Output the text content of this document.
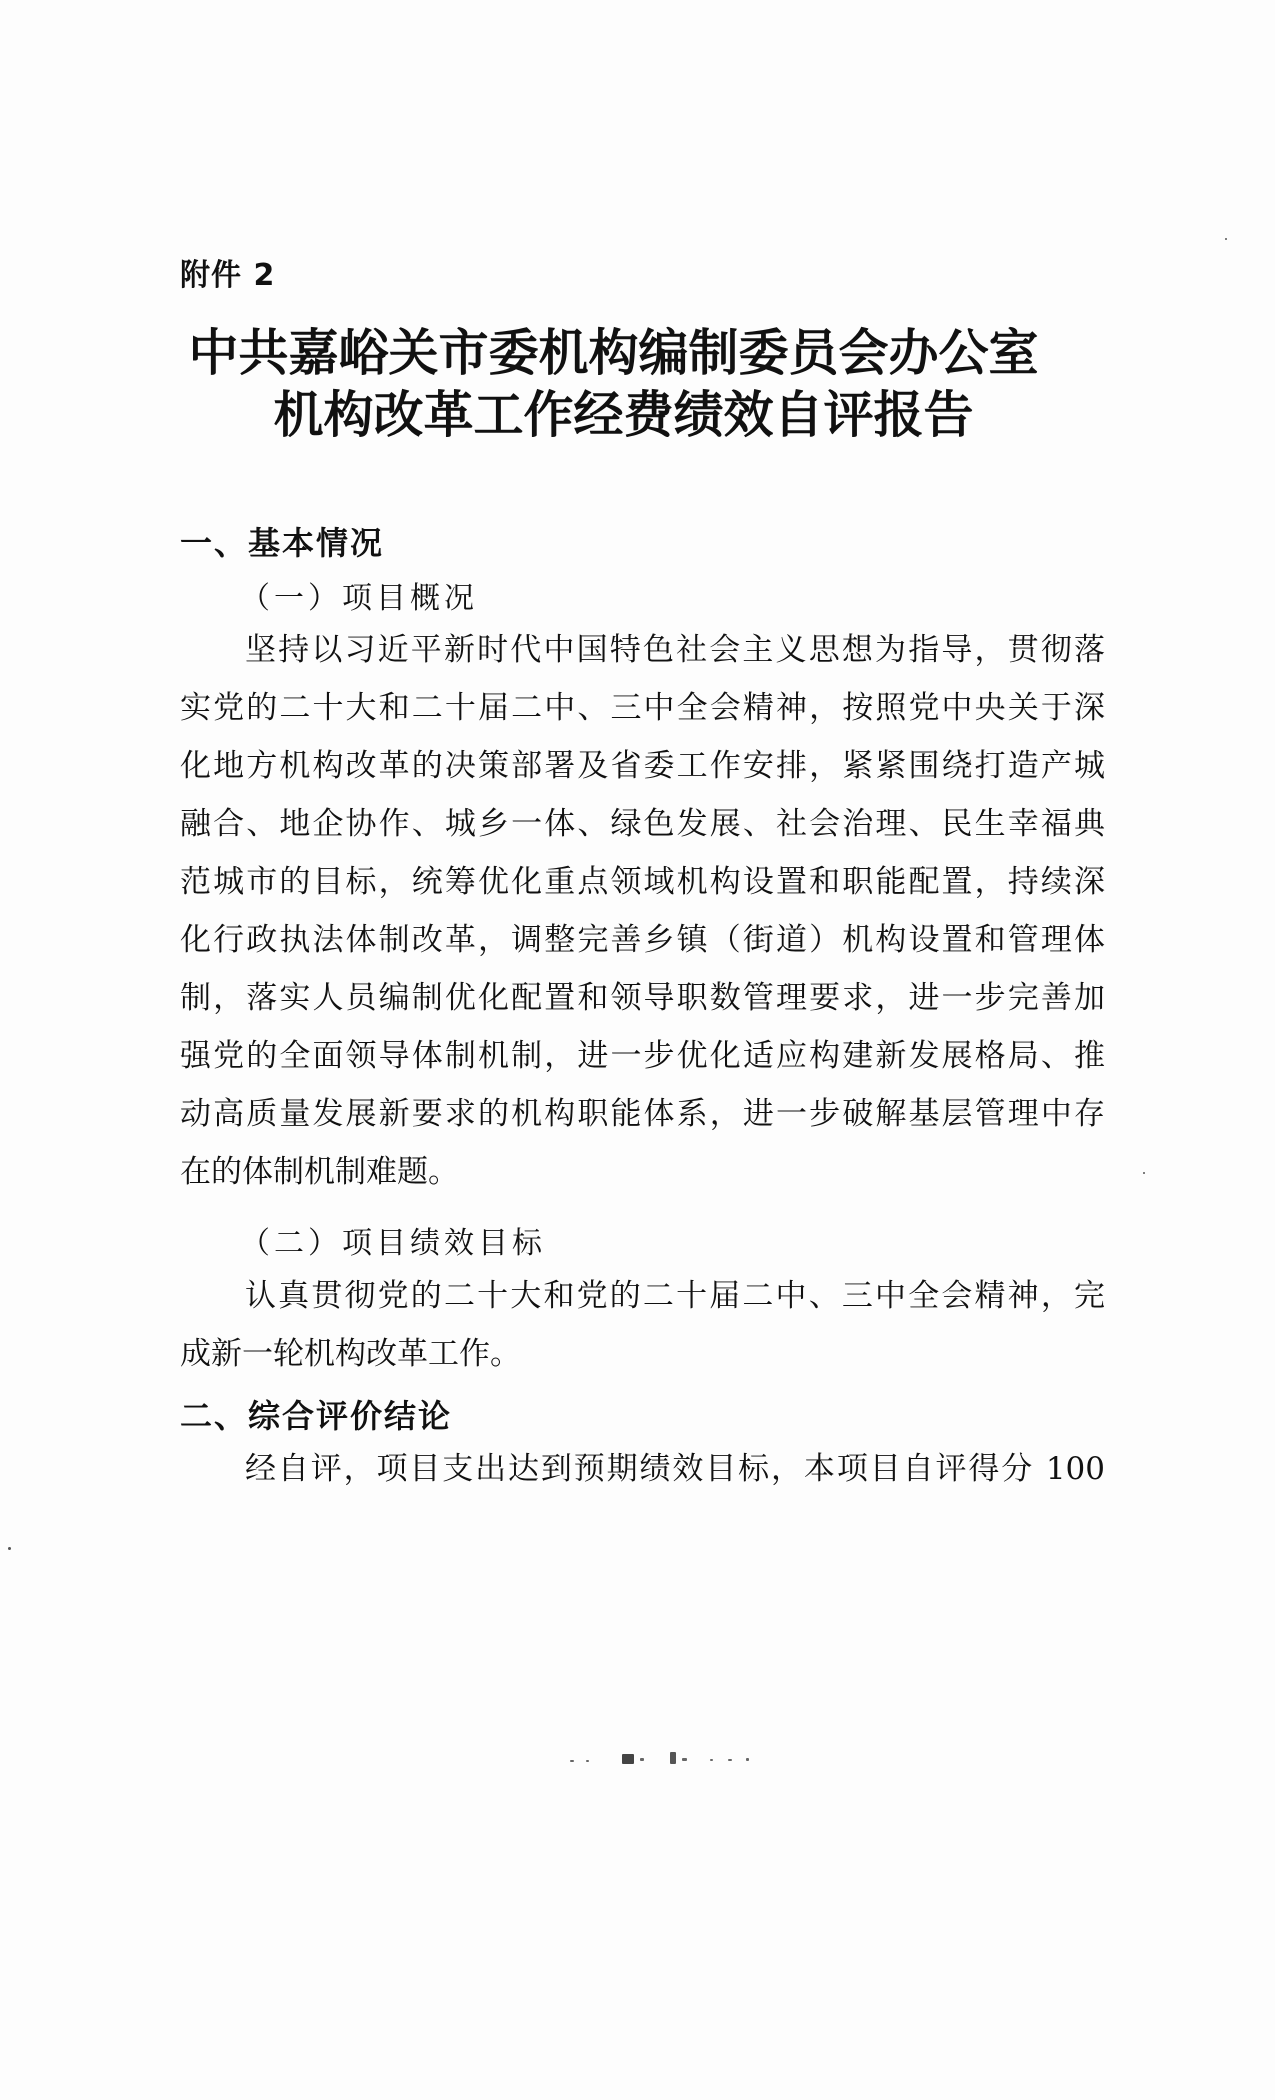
附件 2
中共嘉峪关市委机构编制委员会办公室
机构改革工作经费绩效自评报告
一、基本情况
（一）项目概况
坚持以习近平新时代中国特色社会主义思想为指导，贯彻落
实党的二十大和二十届二中、三中全会精神，按照党中央关于深
化地方机构改革的决策部署及省委工作安排，紧紧围绕打造产城
融合、地企协作、城乡一体、绿色发展、社会治理、民生幸福典
范城市的目标，统筹优化重点领域机构设置和职能配置，持续深
化行政执法体制改革，调整完善乡镇（街道）机构设置和管理体
制，落实人员编制优化配置和领导职数管理要求，进一步完善加
强党的全面领导体制机制，进一步优化适应构建新发展格局、推
动高质量发展新要求的机构职能体系，进一步破解基层管理中存
在的体制机制难题。
（二）项目绩效目标
认真贯彻党的二十大和党的二十届二中、三中全会精神，完
成新一轮机构改革工作。
二、综合评价结论
经自评，项目支出达到预期绩效目标，本项目自评得分 100
